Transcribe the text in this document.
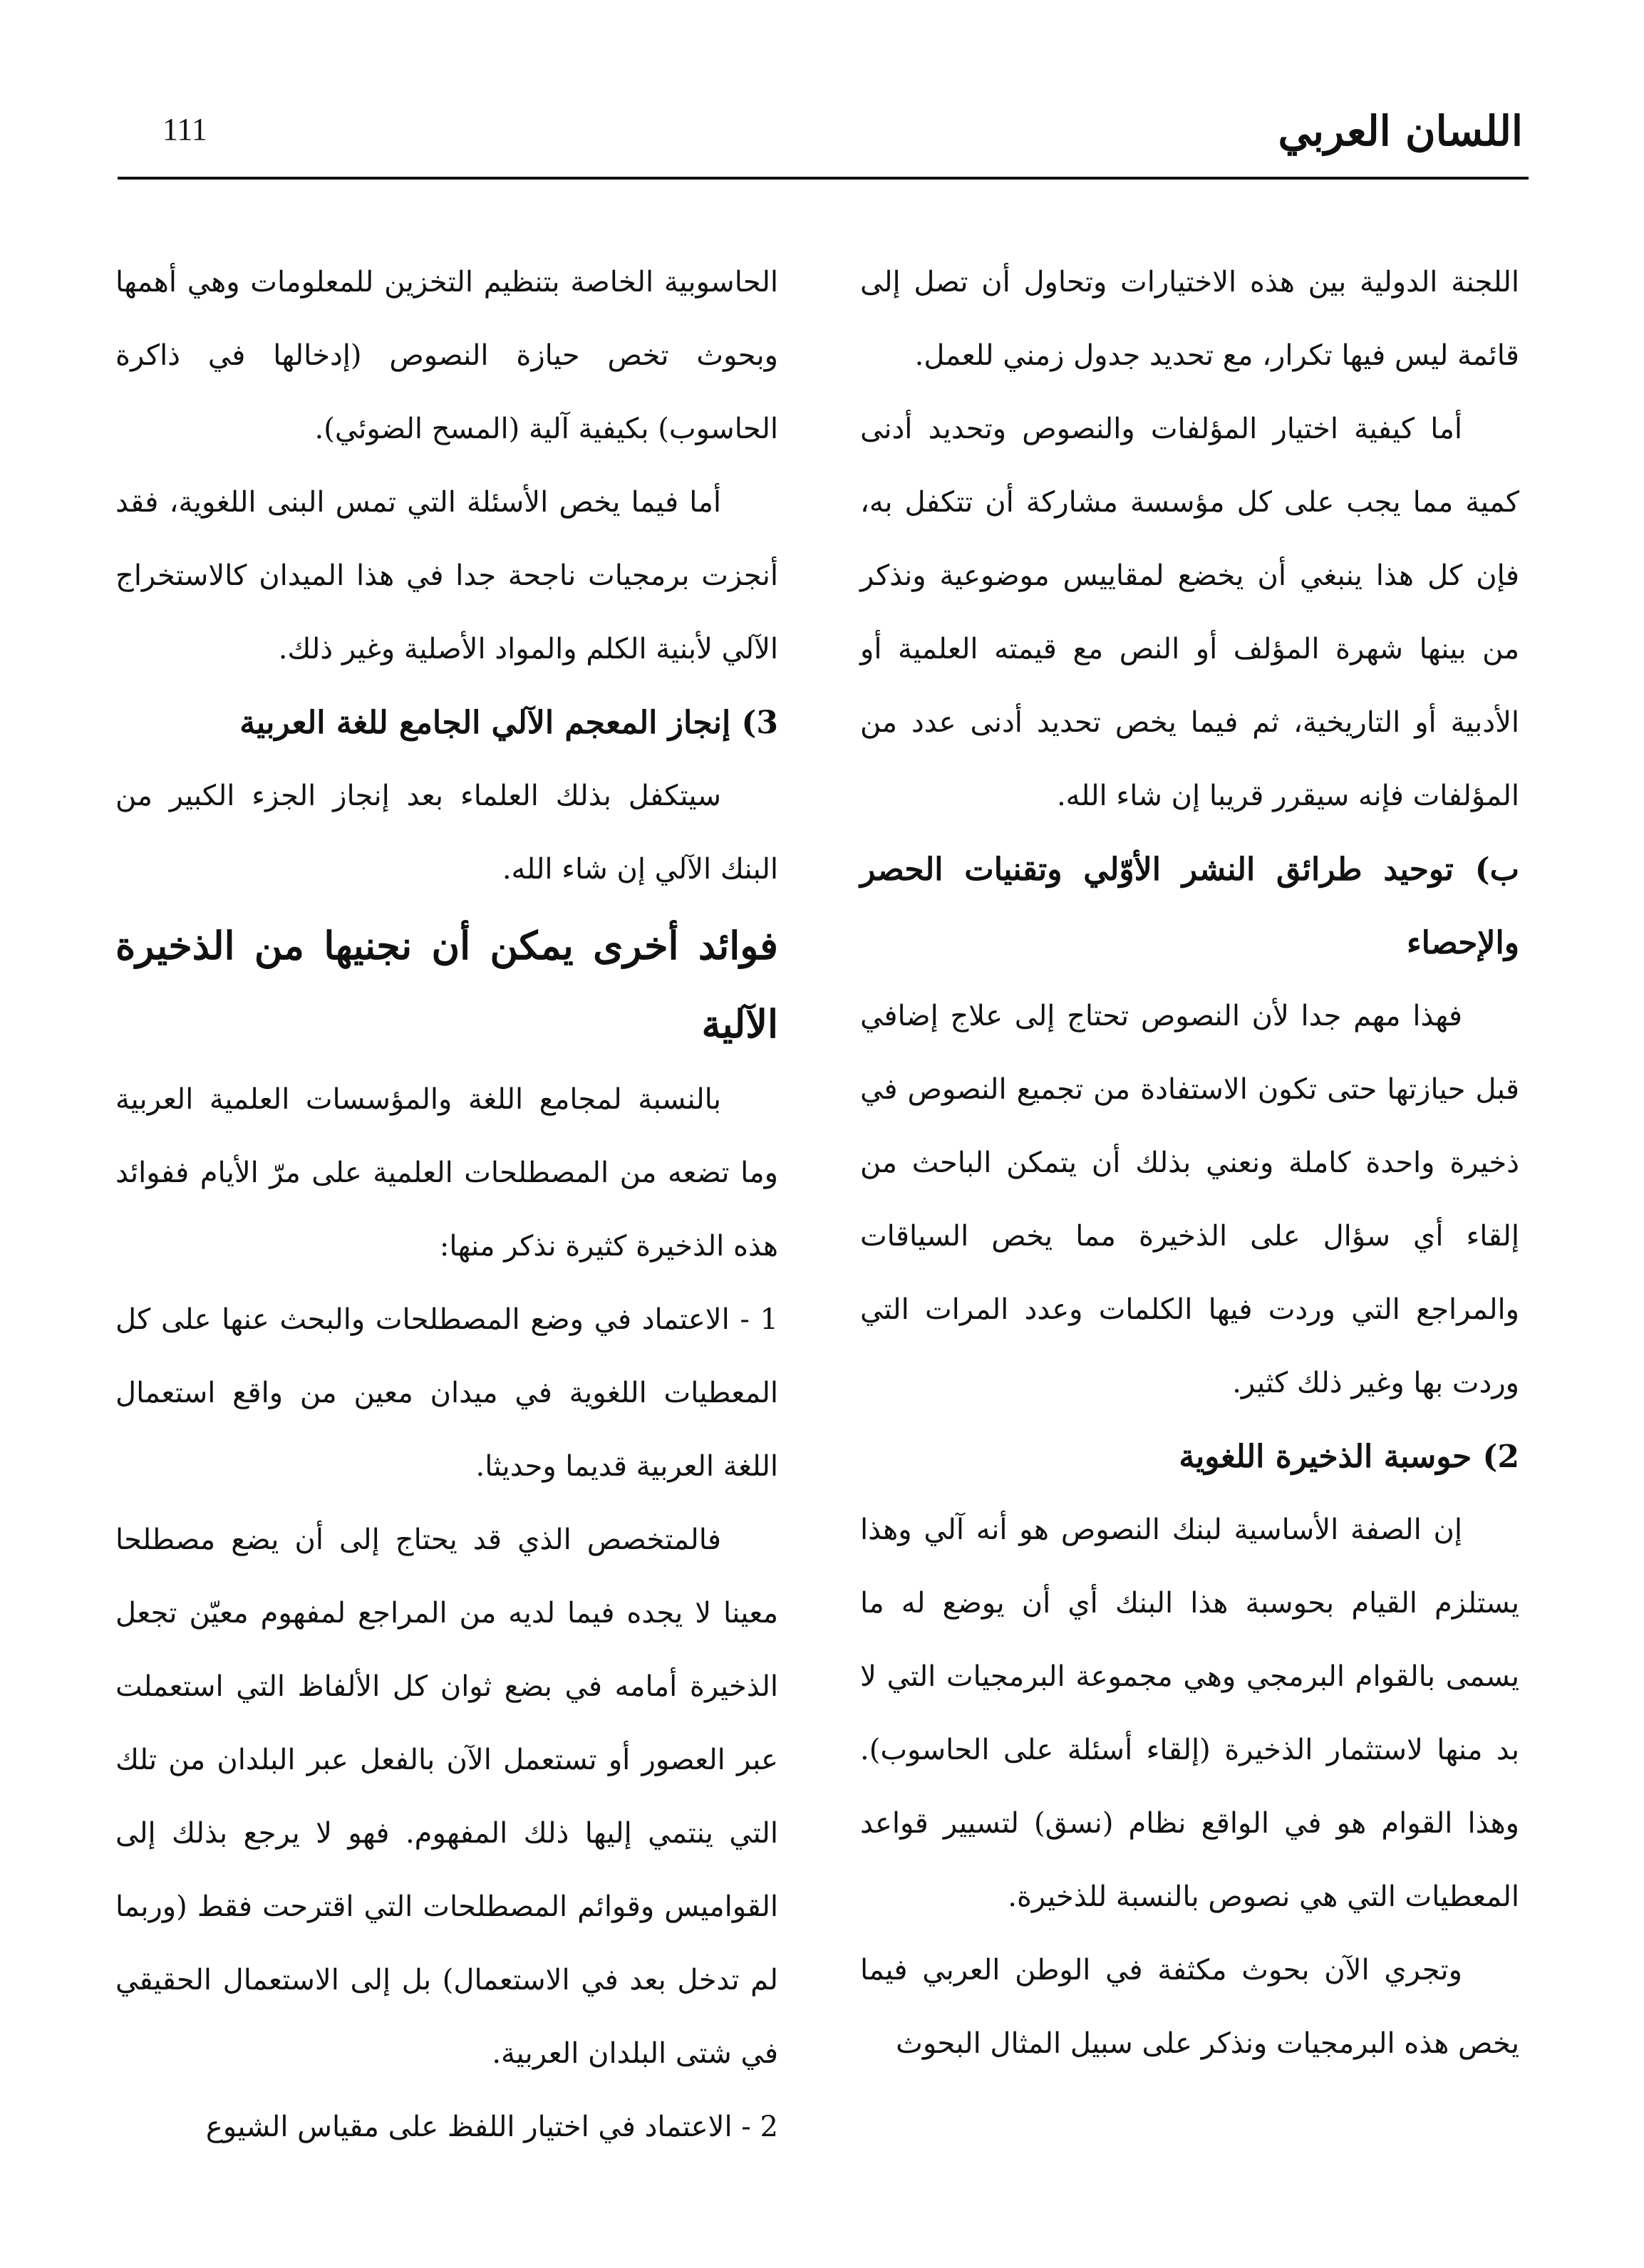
اللسان العربي
111

اللجنة الدولية بين هذه الاختيارات وتحاول أن تصل إلى قائمة ليس فيها تكرار، مع تحديد جدول زمني للعمل.

أما كيفية اختيار المؤلفات والنصوص وتحديد أدنى كمية مما يجب على كل مؤسسة مشاركة أن تتكفل به، فإن كل هذا ينبغي أن يخضع لمقاييس موضوعية ونذكر من بينها شهرة المؤلف أو النص مع قيمته العلمية أو الأدبية أو التاريخية، ثم فيما يخص تحديد أدنى عدد من المؤلفات فإنه سيقرر قريبا إن شاء الله.

ب) توحيد طرائق النشر الأوّلي وتقنيات الحصر والإحصاء

فهذا مهم جدا لأن النصوص تحتاج إلى علاج إضافي قبل حيازتها حتى تكون الاستفادة من تجميع النصوص في ذخيرة واحدة كاملة ونعني بذلك أن يتمكن الباحث من إلقاء أي سؤال على الذخيرة مما يخص السياقات والمراجع التي وردت فيها الكلمات وعدد المرات التي وردت بها وغير ذلك كثير.

2) حوسبة الذخيرة اللغوية

إن الصفة الأساسية لبنك النصوص هو أنه آلي وهذا يستلزم القيام بحوسبة هذا البنك أي أن يوضع له ما يسمى بالقوام البرمجي وهي مجموعة البرمجيات التي لا بد منها لاستثمار الذخيرة (إلقاء أسئلة على الحاسوب). وهذا القوام هو في الواقع نظام (نسق) لتسيير قواعد المعطيات التي هي نصوص بالنسبة للذخيرة.

وتجري الآن بحوث مكثفة في الوطن العربي فيما يخص هذه البرمجيات ونذكر على سبيل المثال البحوث

الحاسوبية الخاصة بتنظيم التخزين للمعلومات وهي أهمها وبحوث تخص حيازة النصوص (إدخالها في ذاكرة الحاسوب) بكيفية آلية (المسح الضوئي).

أما فيما يخص الأسئلة التي تمس البنى اللغوية، فقد أنجزت برمجيات ناجحة جدا في هذا الميدان كالاستخراج الآلي لأبنية الكلم والمواد الأصلية وغير ذلك.

3) إنجاز المعجم الآلي الجامع للغة العربية

سيتكفل بذلك العلماء بعد إنجاز الجزء الكبير من البنك الآلي إن شاء الله.

فوائد أخرى يمكن أن نجنيها من الذخيرة الآلية

بالنسبة لمجامع اللغة والمؤسسات العلمية العربية وما تضعه من المصطلحات العلمية على مرّ الأيام ففوائد هذه الذخيرة كثيرة نذكر منها:

1 - الاعتماد في وضع المصطلحات والبحث عنها على كل المعطيات اللغوية في ميدان معين من واقع استعمال اللغة العربية قديما وحديثا.

فالمتخصص الذي قد يحتاج إلى أن يضع مصطلحا معينا لا يجده فيما لديه من المراجع لمفهوم معيّن تجعل الذخيرة أمامه في بضع ثوان كل الألفاظ التي استعملت عبر العصور أو تستعمل الآن بالفعل عبر البلدان من تلك التي ينتمي إليها ذلك المفهوم. فهو لا يرجع بذلك إلى القواميس وقوائم المصطلحات التي اقترحت فقط (وربما لم تدخل بعد في الاستعمال) بل إلى الاستعمال الحقيقي في شتى البلدان العربية.

2 - الاعتماد في اختيار اللفظ على مقياس الشيوع
